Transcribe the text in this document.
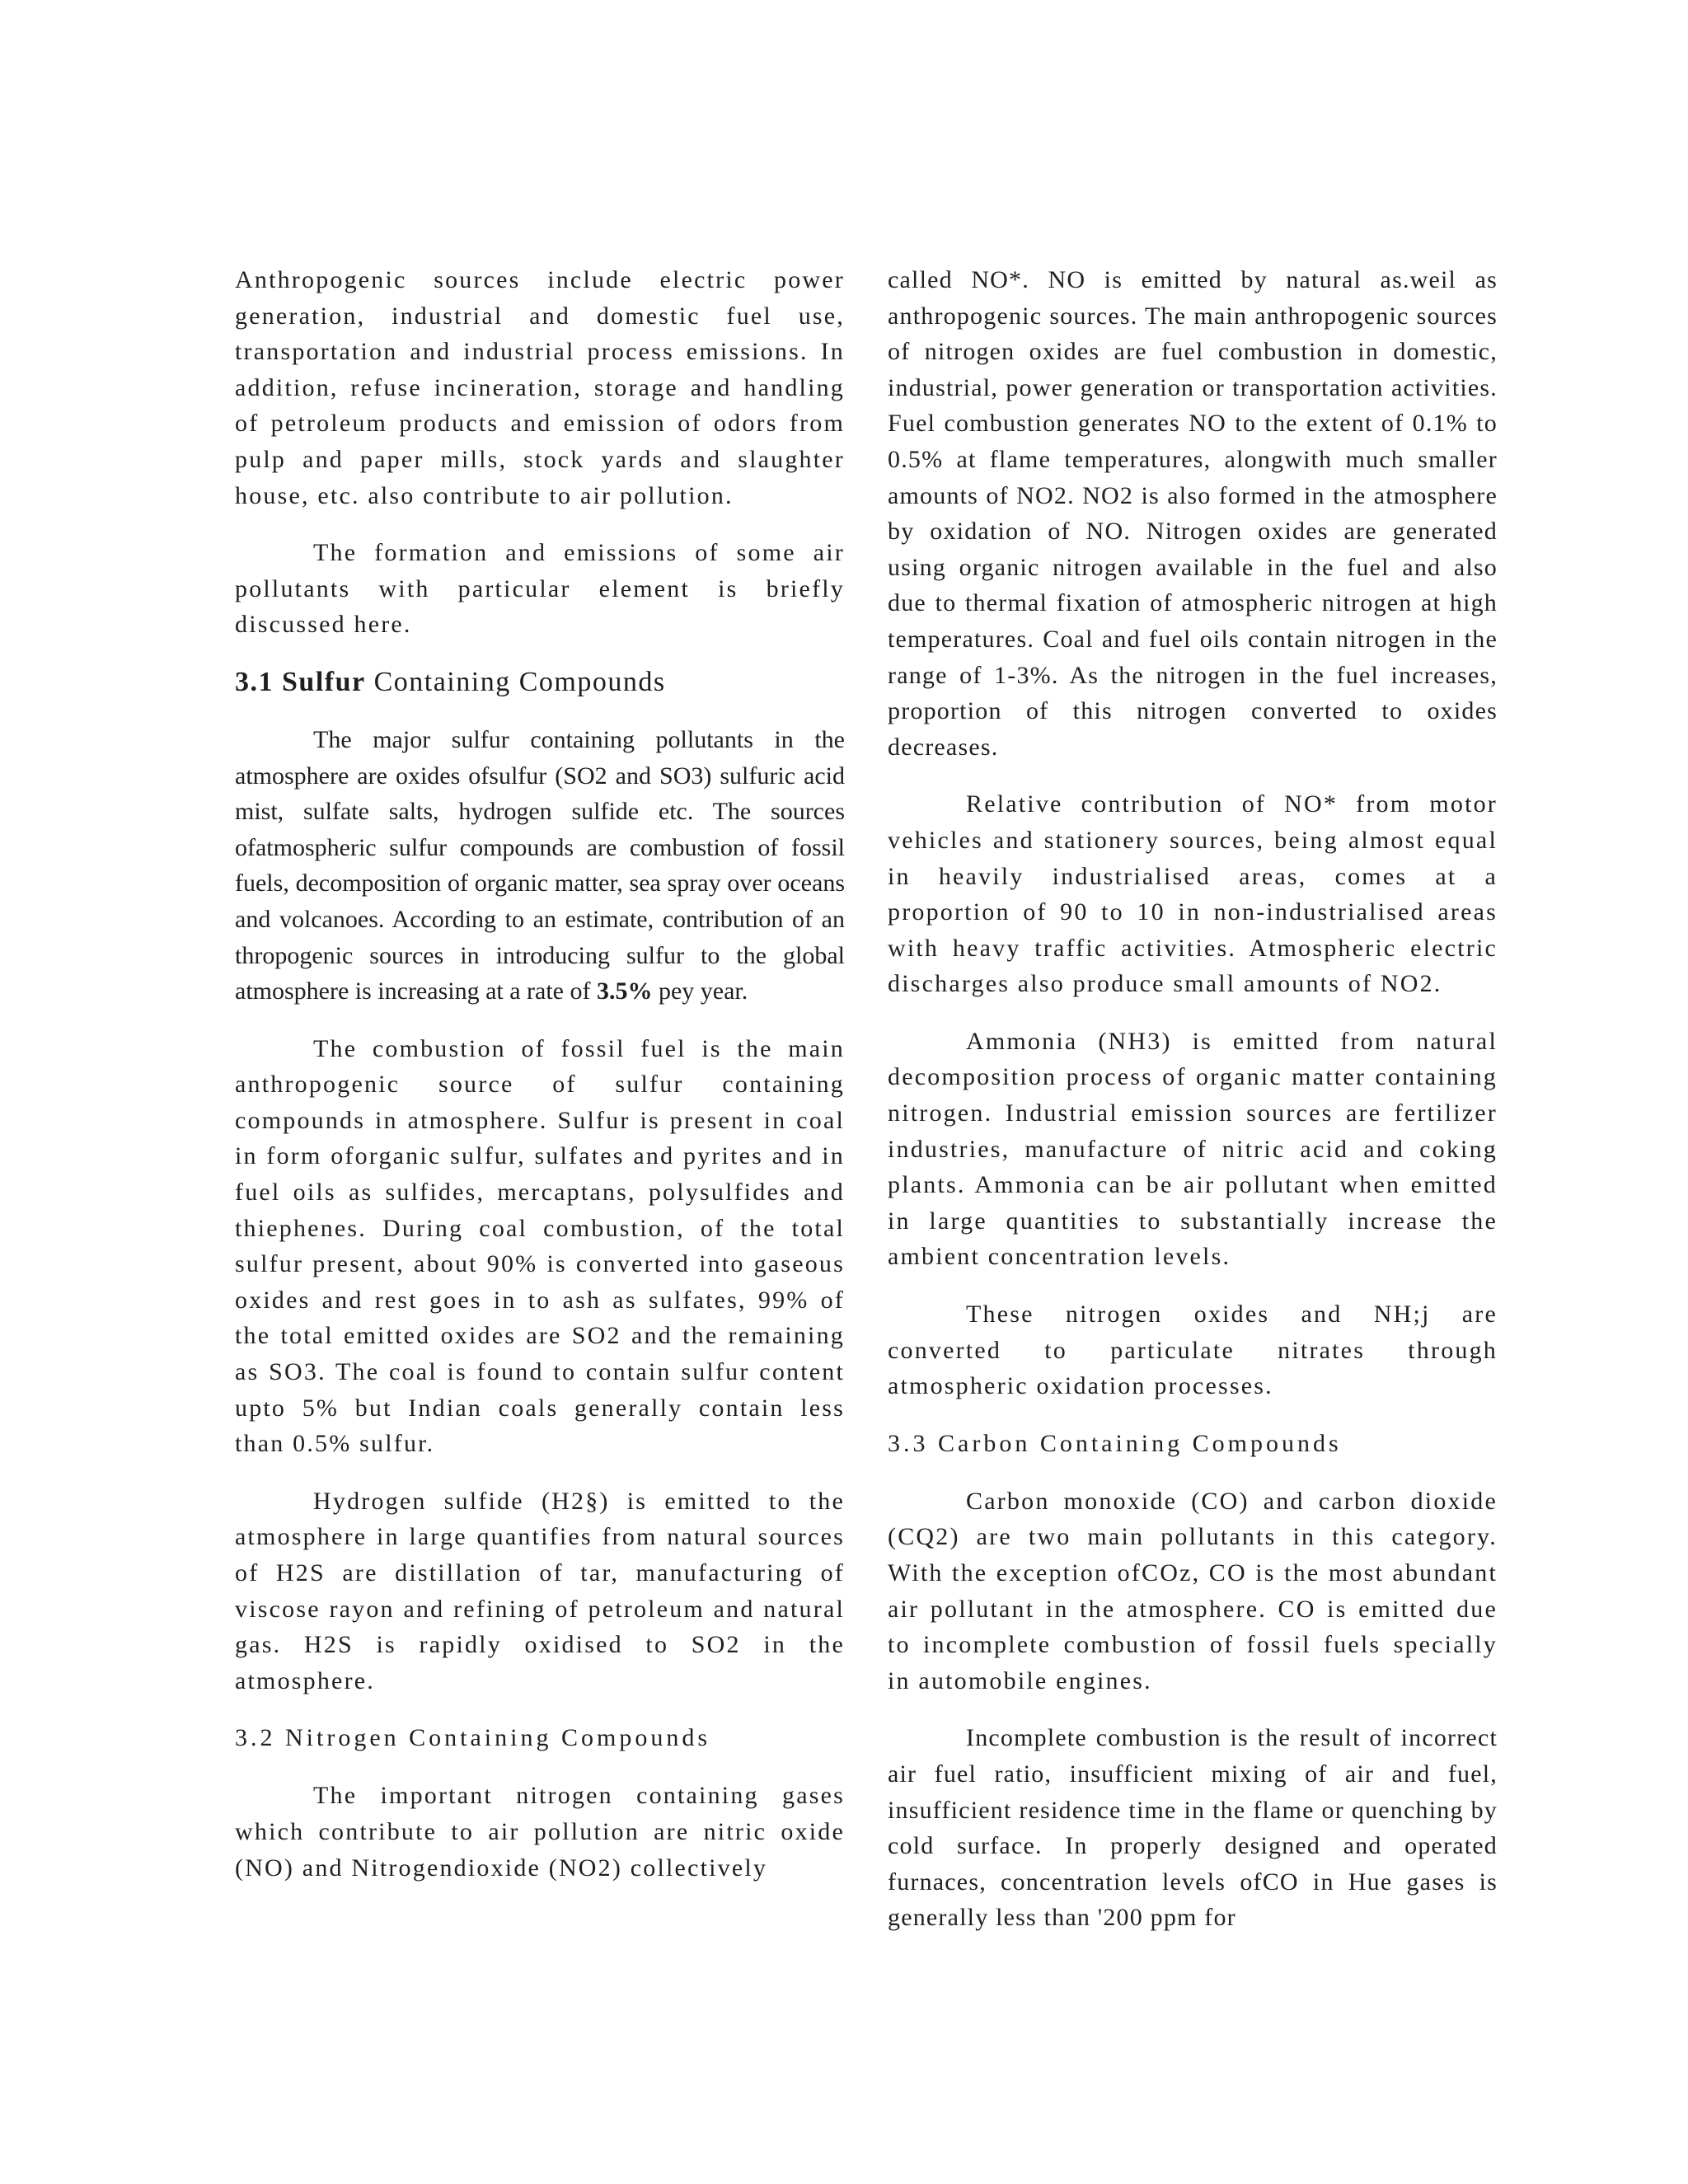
Anthropogenic sources include electric power generation, industrial and domestic fuel use, transportation and industrial process emissions. In addition, refuse incineration, storage and handling of petroleum products and emission of odors from pulp and paper mills, stock yards and slaughter house, etc. also contribute to air pollution.

The formation and emissions of some air pollutants with particular element is briefly discussed here.

3.1 Sulfur Containing Compounds

The major sulfur containing pollutants in the atmosphere are oxides ofsulfur (SO2 and SO3) sulfuric acid mist, sulfate salts, hydrogen sulfide etc. The sources ofatmospheric sulfur compounds are combustion of fossil fuels, decomposition of organic matter, sea spray over oceans and volcanoes. According to an estimate, contribution of an thropogenic sources in introducing sulfur to the global atmosphere is increasing at a rate of 3.5% pey year.

The combustion of fossil fuel is the main anthropogenic source of sulfur containing compounds in atmosphere. Sulfur is present in coal in form oforganic sulfur, sulfates and pyrites and in fuel oils as sulfides, mercaptans, polysulfides and thiephenes. During coal combustion, of the total sulfur present, about 90% is converted into gaseous oxides and rest goes in to ash as sulfates, 99% of the total emitted oxides are SO2 and the remaining as SO3. The coal is found to contain sulfur content upto 5% but Indian coals generally contain less than 0.5% sulfur.

Hydrogen sulfide (H2§) is emitted to the atmosphere in large quantifies from natural sources of H2S are distillation of tar, manufacturing of viscose rayon and refining of petroleum and natural gas. H2S is rapidly oxidised to SO2 in the atmosphere.

3.2 Nitrogen Containing Compounds

The important nitrogen containing gases which contribute to air pollution are nitric oxide (NO) and Nitrogendioxide (NO2) collectively

called NO*. NO is emitted by natural as.weil as anthropogenic sources. The main anthropogenic sources of nitrogen oxides are fuel combustion in domestic, industrial, power generation or transportation activities. Fuel combustion generates NO to the extent of 0.1% to 0.5% at flame temperatures, alongwith much smaller amounts of NO2. NO2 is also formed in the atmosphere by oxidation of NO. Nitrogen oxides are generated using organic nitrogen available in the fuel and also due to thermal fixation of atmospheric nitrogen at high temperatures. Coal and fuel oils contain nitrogen in the range of 1-3%. As the nitrogen in the fuel increases, proportion of this nitrogen converted to oxides decreases.

Relative contribution of NO* from motor vehicles and stationery sources, being almost equal in heavily industrialised areas, comes at a proportion of 90 to 10 in non-industrialised areas with heavy traffic activities. Atmospheric electric discharges also produce small amounts of NO2.

Ammonia (NH3) is emitted from natural decomposition process of organic matter containing nitrogen. Industrial emission sources are fertilizer industries, manufacture of nitric acid and coking plants. Ammonia can be air pollutant when emitted in large quantities to substantially increase the ambient concentration levels.

These nitrogen oxides and NH;j are converted to particulate nitrates through atmospheric oxidation processes.

3.3 Carbon Containing Compounds

Carbon monoxide (CO) and carbon dioxide (CQ2) are two main pollutants in this category. With the exception ofCOz, CO is the most abundant air pollutant in the atmosphere. CO is emitted due to incomplete combustion of fossil fuels specially in automobile engines.

Incomplete combustion is the result of incorrect air fuel ratio, insufficient mixing of air and fuel, insufficient residence time in the flame or quenching by cold surface. In properly designed and operated furnaces, concentration levels ofCO in Hue gases is generally less than '200 ppm for
